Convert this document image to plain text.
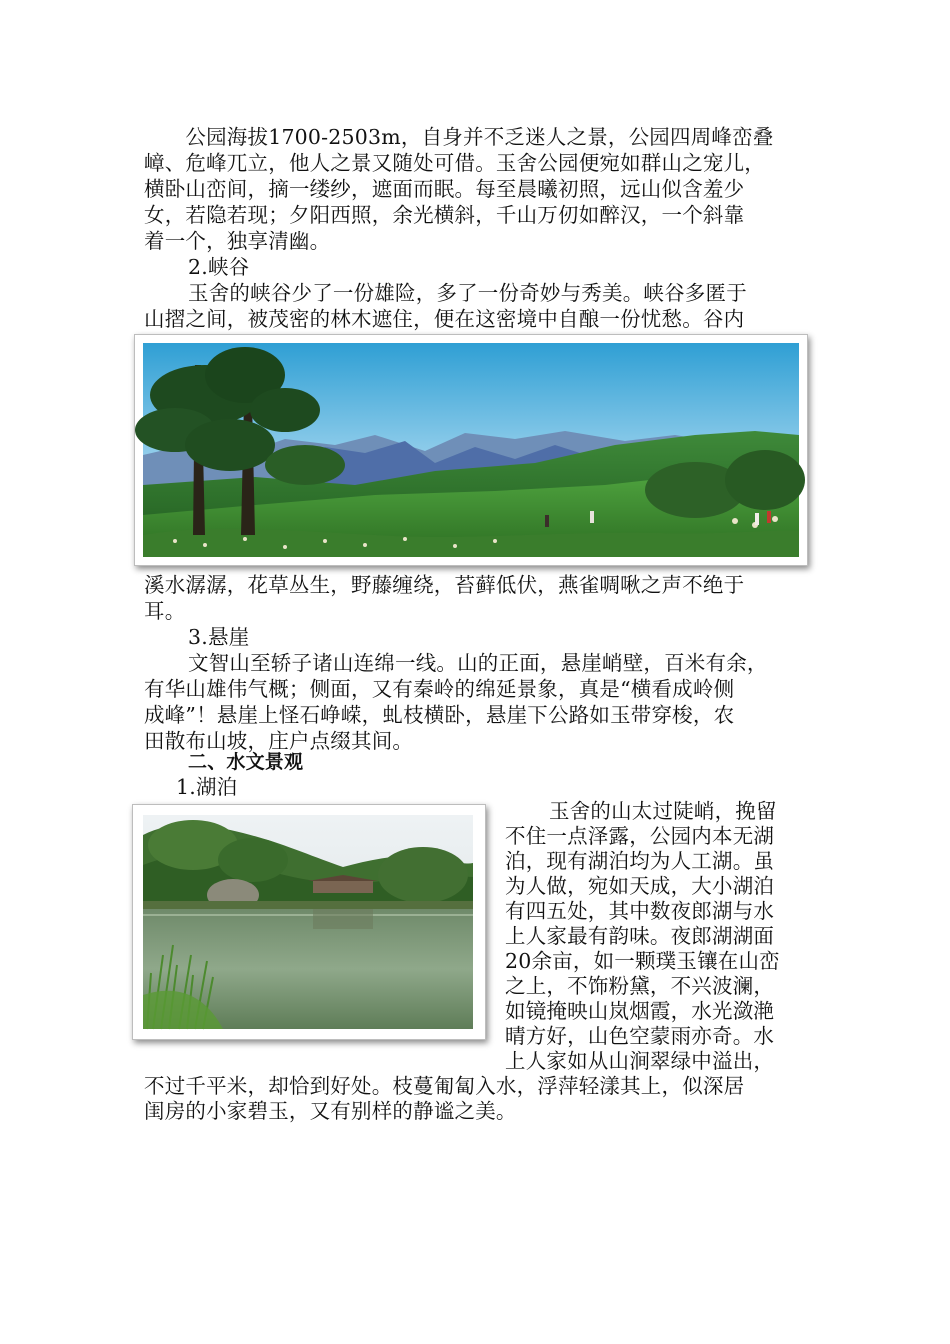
　　公园海拔1700-2503m，自身并不乏迷人之景，公园四周峰峦叠
嶂、危峰兀立，他人之景又随处可借。玉舍公园便宛如群山之宠儿，
横卧山峦间，摘一缕纱，遮面而眠。每至晨曦初照，远山似含羞少
女，若隐若现；夕阳西照，余光横斜，千山万仞如醉汉，一个斜靠
着一个，独享清幽。
2.峡谷
玉舍的峡谷少了一份雄险，多了一份奇妙与秀美。峡谷多匿于
山摺之间，被茂密的林木遮住，便在这密境中自酿一份忧愁。谷内
溪水潺潺，花草丛生，野藤缠绕，苔藓低伏，燕雀啁啾之声不绝于
耳。
3.悬崖
文智山至轿子诸山连绵一线。山的正面，悬崖峭壁，百米有余，
有华山雄伟气概；侧面，又有秦岭的绵延景象，真是“横看成岭侧
成峰”！悬崖上怪石峥嵘，虬枝横卧，悬崖下公路如玉带穿梭，农
田散布山坡，庄户点缀其间。
二、水文景观
1.湖泊
玉舍的山太过陡峭，挽留
不住一点泽露，公园内本无湖
泊，现有湖泊均为人工湖。虽
为人做，宛如天成，大小湖泊
有四五处，其中数夜郎湖与水
上人家最有韵味。夜郎湖湖面
20余亩，如一颗璞玉镶在山峦
之上，不饰粉黛，不兴波澜，
如镜掩映山岚烟霞，水光潋滟
晴方好，山色空蒙雨亦奇。水
上人家如从山涧翠绿中溢出，
不过千平米，却恰到好处。枝蔓匍匐入水，浮萍轻漾其上，似深居
闺房的小家碧玉，又有别样的静谧之美。
